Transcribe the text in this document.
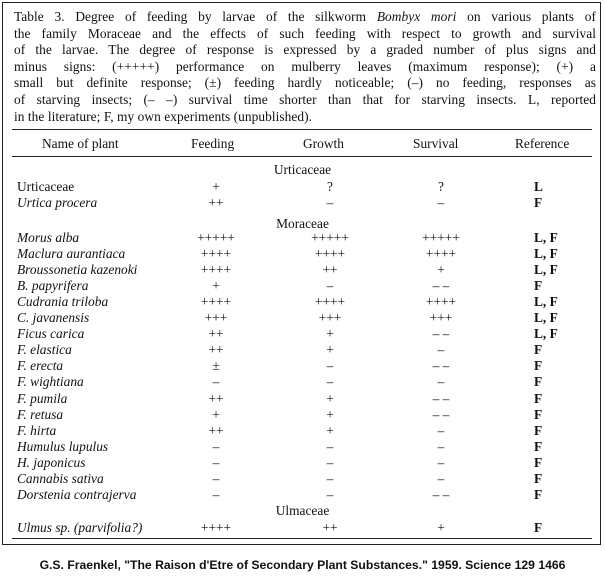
Table 3. Degree of feeding by larvae of the silkworm Bombyx mori on various plants of
the family Moraceae and the effects of such feeding with respect to growth and survival
of the larvae. The degree of response is expressed by a graded number of plus signs and
minus signs: (+++++) performance on mulberry leaves (maximum response); (+) a
small but definite response; (±) feeding hardly noticeable; (–) no feeding, responses as
of starving insects; (– –) survival time shorter than that for starving insects. L, reported
in the literature; F, my own experiments (unpublished).
Name of plant	Feeding	Growth	Survival	Reference
Urticaceae
Urticaceae	+	?	?	L
Urtica procera	++	–	–	F
Moraceae
Morus alba	+++++	+++++	+++++	L, F
Maclura aurantiaca	++++	++++	++++	L, F
Broussonetia kazenoki	++++	++	+	L, F
B. papyrifera	+	–	– –	F
Cudrania triloba	++++	++++	++++	L, F
C. javanensis	+++	+++	+++	L, F
Ficus carica	++	+	– –	L, F
F. elastica	++	+	–	F
F. erecta	±	–	– –	F
F. wightiana	–	–	–	F
F. pumila	++	+	– –	F
F. retusa	+	+	– –	F
F. hirta	++	+	–	F
Humulus lupulus	–	–	–	F
H. japonicus	–	–	–	F
Cannabis sativa	–	–	–	F
Dorstenia contrajerva	–	–	– –	F
Ulmaceae
Ulmus sp. (parvifolia?)	++++	++	+	F
G.S. Fraenkel, "The Raison d'Etre of Secondary Plant Substances." 1959. Science 129 1466
